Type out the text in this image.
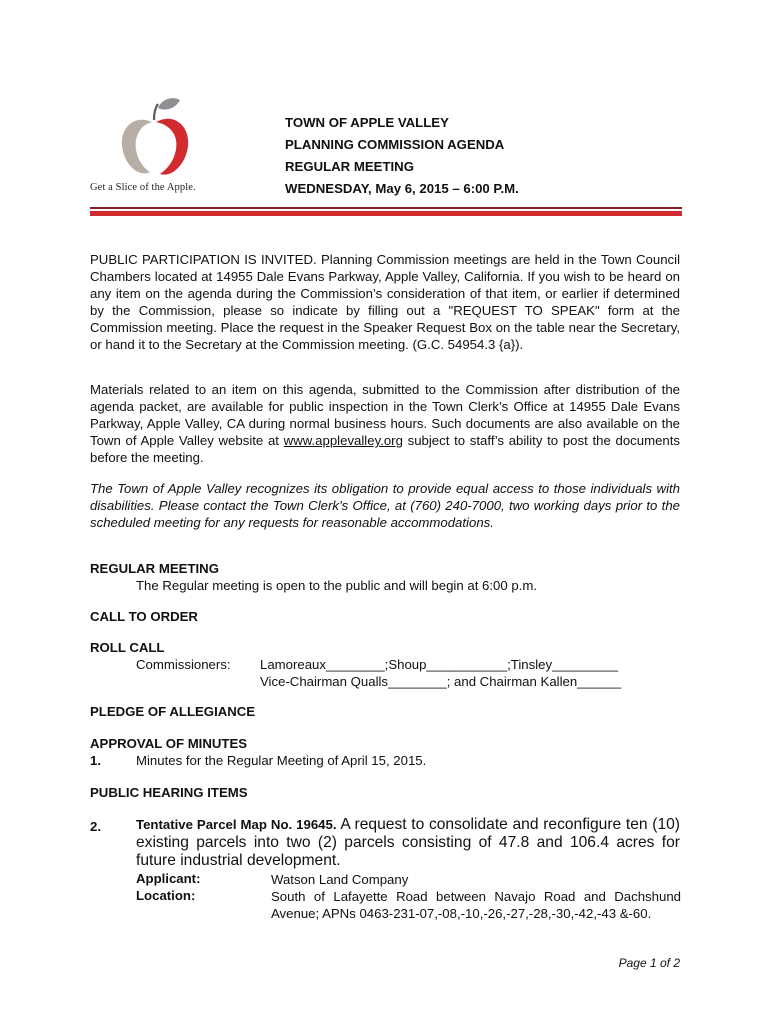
Get a Slice of the Apple.
TOWN OF APPLE VALLEY
PLANNING COMMISSION AGENDA
REGULAR MEETING
WEDNESDAY, May 6, 2015 – 6:00 P.M.

PUBLIC PARTICIPATION IS INVITED. Planning Commission meetings are held in the Town Council Chambers located at 14955 Dale Evans Parkway, Apple Valley, California. If you wish to be heard on any item on the agenda during the Commission’s consideration of that item, or earlier if determined by the Commission, please so indicate by filling out a "REQUEST TO SPEAK" form at the Commission meeting. Place the request in the Speaker Request Box on the table near the Secretary, or hand it to the Secretary at the Commission meeting. (G.C. 54954.3 {a}).

Materials related to an item on this agenda, submitted to the Commission after distribution of the agenda packet, are available for public inspection in the Town Clerk’s Office at 14955 Dale Evans Parkway, Apple Valley, CA during normal business hours. Such documents are also available on the Town of Apple Valley website at www.applevalley.org subject to staff’s ability to post the documents before the meeting.

The Town of Apple Valley recognizes its obligation to provide equal access to those individuals with disabilities. Please contact the Town Clerk’s Office, at (760) 240-7000, two working days prior to the scheduled meeting for any requests for reasonable accommodations.

REGULAR MEETING

The Regular meeting is open to the public and will begin at 6:00 p.m.

CALL TO ORDER

ROLL CALL

Commissioners: Lamoreaux________;Shoup___________;Tinsley_________

Vice-Chairman Qualls________; and Chairman Kallen______

PLEDGE OF ALLEGIANCE

APPROVAL OF MINUTES

1.	Minutes for the Regular Meeting of April 15, 2015.

PUBLIC HEARING ITEMS

2.	Tentative Parcel Map No. 19645. A request to consolidate and reconfigure ten (10) existing parcels into two (2) parcels consisting of 47.8 and 106.4 acres for future industrial development.

Applicant:	Watson Land Company

Location:	South of Lafayette Road between Navajo Road and Dachshund Avenue; APNs 0463-231-07,-08,-10,-26,-27,-28,-30,-42,-43 &-60.

Page 1 of 2
